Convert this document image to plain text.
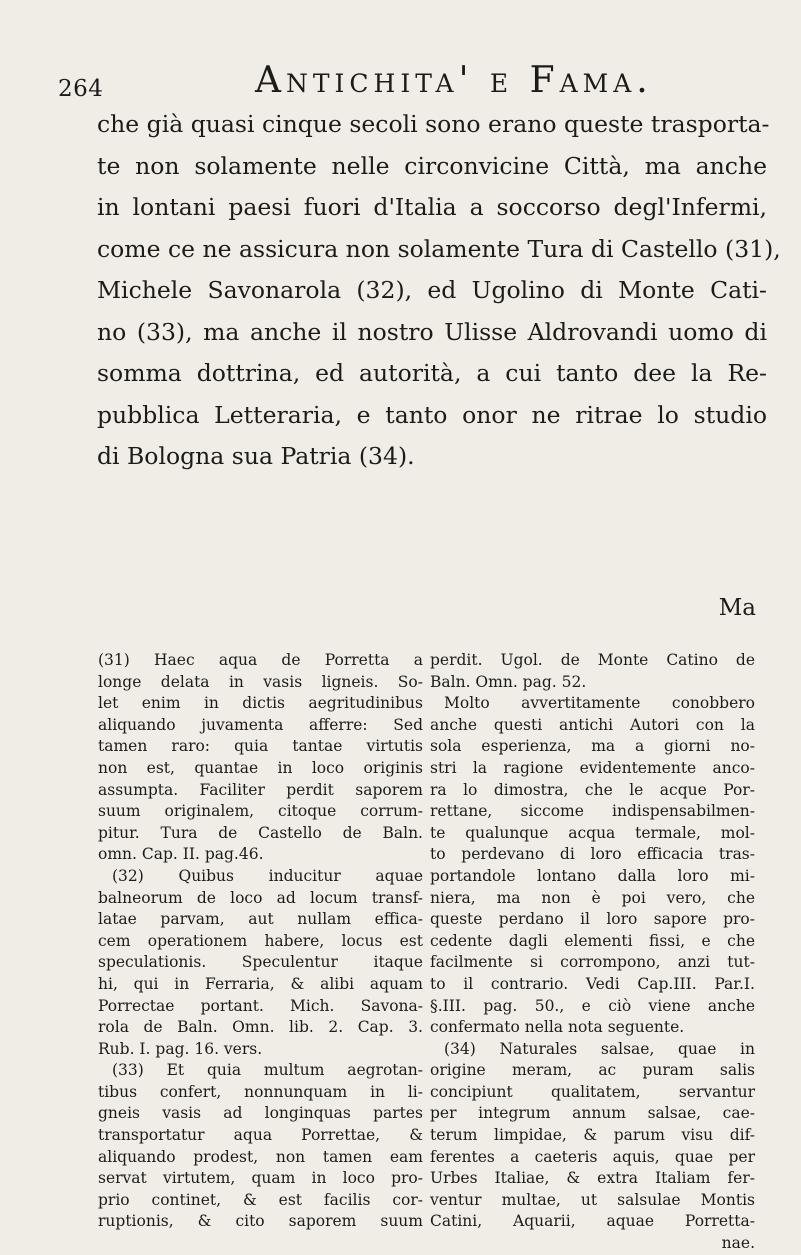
264	Antichita' e Fama.
che già quasi cinque secoli sono erano queste trasporta-
te non solamente nelle circonvicine Città, ma anche
in lontani paesi fuori d'Italia a soccorso degl'Infermi,
come ce ne assicura non solamente Tura di Castello (31),
Michele Savonarola (32), ed Ugolino di Monte Cati-
no (33), ma anche il nostro Ulisse Aldrovandi uomo di
somma dottrina, ed autorità, a cui tanto dee la Re-
pubblica Letteraria, e tanto onor ne ritrae lo studio
di Bologna sua Patria (34).
Ma
(31) Haec aqua de Porretta a
longe delata in vasis ligneis. So-
let enim in dictis aegritudinibus
aliquando juvamenta afferre: Sed
tamen raro: quia tantae virtutis
non est, quantae in loco originis
assumpta. Faciliter perdit saporem
suum originalem, citoque corrum-
pitur. Tura de Castello de Baln.
omn. Cap. II. pag.46.
(32) Quibus inducitur aquae
balneorum de loco ad locum transf-
latae parvam, aut nullam effica-
cem operationem habere, locus est
speculationis. Speculentur itaque
hi, qui in Ferraria, & alibi aquam
Porrectae portant. Mich. Savona-
rola de Baln. Omn. lib. 2. Cap. 3.
Rub. I. pag. 16. vers.
(33) Et quia multum aegrotan-
tibus confert, nonnunquam in li-
gneis vasis ad longinquas partes
transportatur aqua Porrettae, &
aliquando prodest, non tamen eam
servat virtutem, quam in loco pro-
prio continet, & est facilis cor-
ruptionis, & cito saporem suum
perdit. Ugol. de Monte Catino de
Baln. Omn. pag. 52.
Molto avvertitamente conobbero
anche questi antichi Autori con la
sola esperienza, ma a giorni no-
stri la ragione evidentemente anco-
ra lo dimostra, che le acque Por-
rettane, siccome indispensabilmen-
te qualunque acqua termale, mol-
to perdevano di loro efficacia tras-
portandole lontano dalla loro mi-
niera, ma non è poi vero, che
queste perdano il loro sapore pro-
cedente dagli elementi fissi, e che
facilmente si corrompono, anzi tut-
to il contrario. Vedi Cap.III. Par.I.
§.III. pag. 50., e ciò viene anche
confermato nella nota seguente.
(34) Naturales salsae, quae in
origine meram, ac puram salis
concipiunt qualitatem, servantur
per integrum annum salsae, cae-
terum limpidae, & parum visu dif-
ferentes a caeteris aquis, quae per
Urbes Italiae, & extra Italiam fer-
ventur multae, ut salsulae Montis
Catini, Aquarii, aquae Porretta-
nae.
